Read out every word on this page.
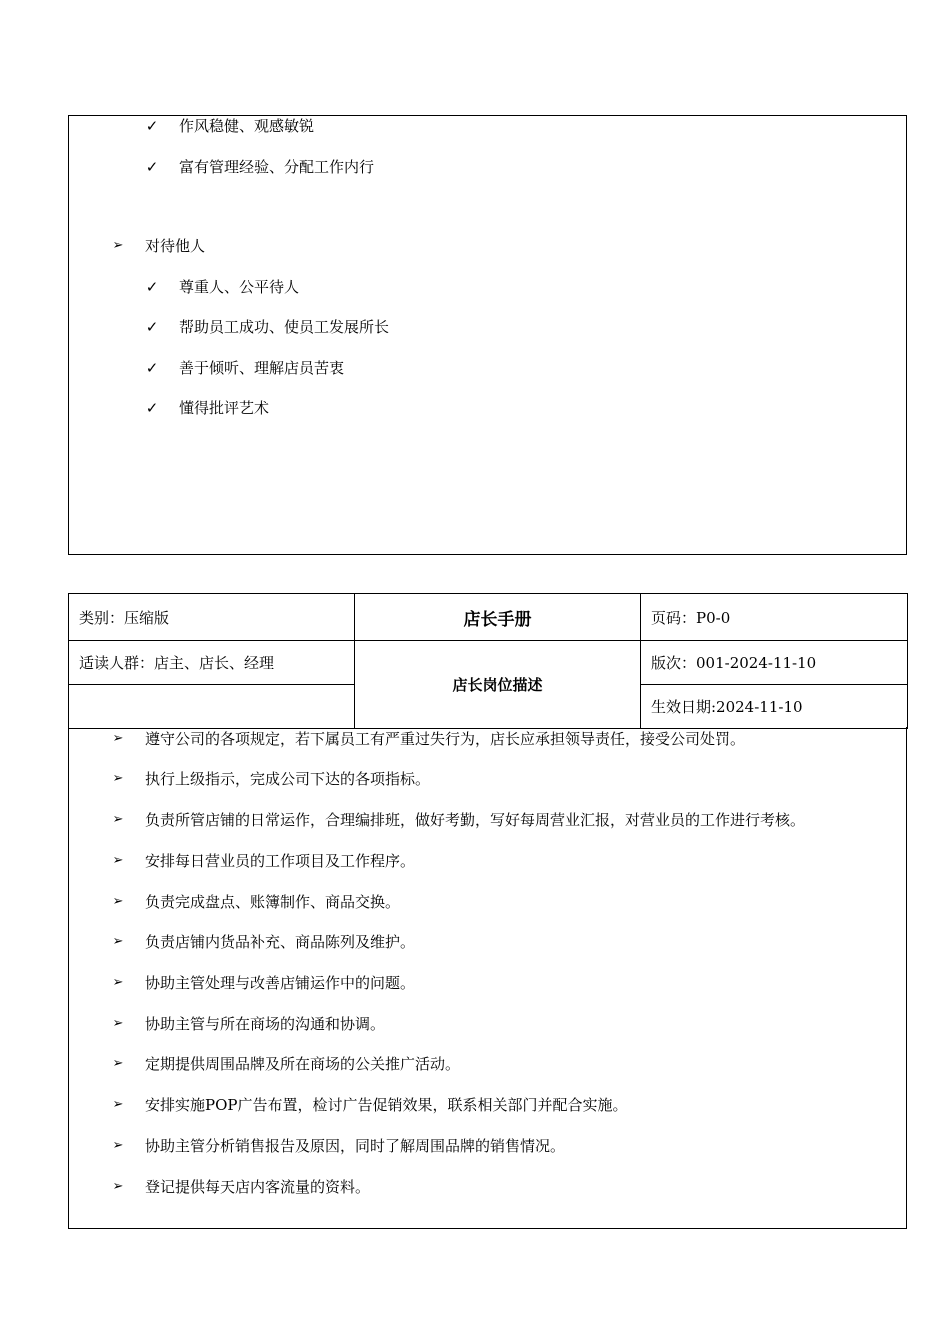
✓ 作风稳健、观感敏锐
✓ 富有管理经验、分配工作内行
➢	对待他人
✓ 尊重人、公平待人
✓ 帮助员工成功、使员工发展所长
✓ 善于倾听、理解店员苦衷
✓ 懂得批评艺术
类别：压缩版	店长手册	页码：P0-0
适读人群：店主、店长、经理	店长岗位描述	版次：001-2024-11-10
		生效日期:2024-11-10
➢	遵守公司的各项规定，若下属员工有严重过失行为，店长应承担领导责任，接受公司处罚。
➢	执行上级指示，完成公司下达的各项指标。
➢	负责所管店铺的日常运作，合理编排班，做好考勤，写好每周营业汇报，对营业员的工作进行考核。
➢	安排每日营业员的工作项目及工作程序。
➢	负责完成盘点、账簿制作、商品交换。
➢	负责店铺内货品补充、商品陈列及维护。
➢	协助主管处理与改善店铺运作中的问题。
➢	协助主管与所在商场的沟通和协调。
➢	定期提供周围品牌及所在商场的公关推广活动。
➢	安排实施POP广告布置，检讨广告促销效果，联系相关部门并配合实施。
➢	协助主管分析销售报告及原因，同时了解周围品牌的销售情况。
➢	登记提供每天店内客流量的资料。
